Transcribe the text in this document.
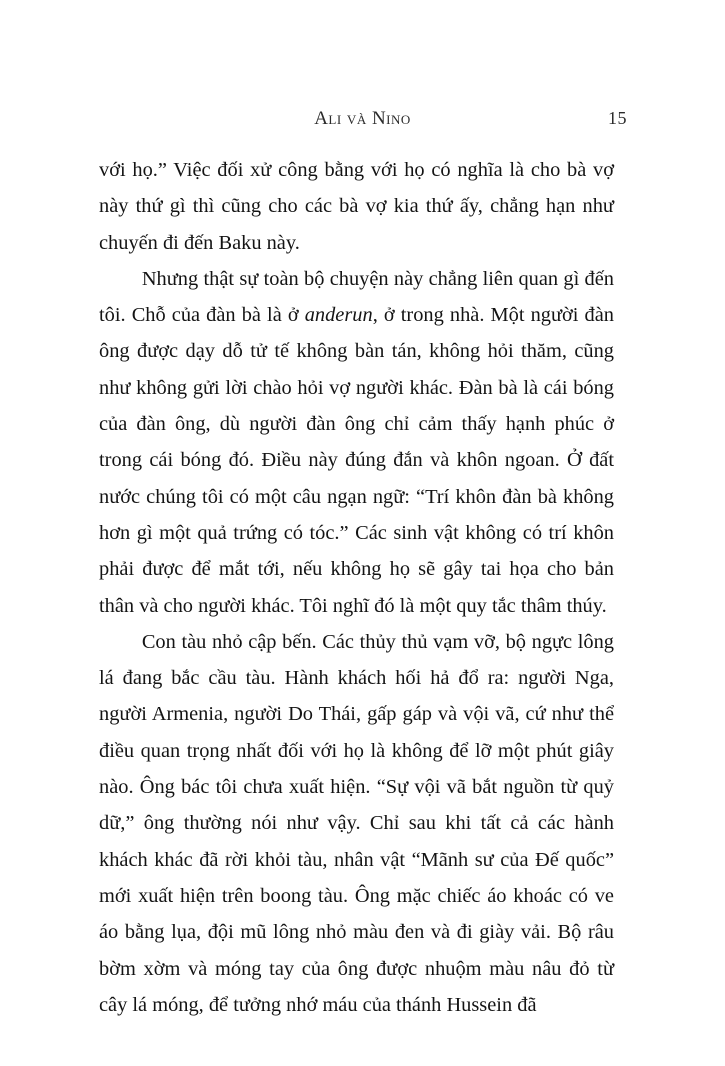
Ali và Nino	15

với họ.” Việc đối xử công bằng với họ có nghĩa là cho bà vợ này thứ gì thì cũng cho các bà vợ kia thứ ấy, chẳng hạn như chuyến đi đến Baku này.

Nhưng thật sự toàn bộ chuyện này chẳng liên quan gì đến tôi. Chỗ của đàn bà là ở anderun, ở trong nhà. Một người đàn ông được dạy dỗ tử tế không bàn tán, không hỏi thăm, cũng như không gửi lời chào hỏi vợ người khác. Đàn bà là cái bóng của đàn ông, dù người đàn ông chỉ cảm thấy hạnh phúc ở trong cái bóng đó. Điều này đúng đắn và khôn ngoan. Ở đất nước chúng tôi có một câu ngạn ngữ: “Trí khôn đàn bà không hơn gì một quả trứng có tóc.” Các sinh vật không có trí khôn phải được để mắt tới, nếu không họ sẽ gây tai họa cho bản thân và cho người khác. Tôi nghĩ đó là một quy tắc thâm thúy.

Con tàu nhỏ cập bến. Các thủy thủ vạm vỡ, bộ ngực lông lá đang bắc cầu tàu. Hành khách hối hả đổ ra: người Nga, người Armenia, người Do Thái, gấp gáp và vội vã, cứ như thể điều quan trọng nhất đối với họ là không để lỡ một phút giây nào. Ông bác tôi chưa xuất hiện. “Sự vội vã bắt nguồn từ quỷ dữ,” ông thường nói như vậy. Chỉ sau khi tất cả các hành khách khác đã rời khỏi tàu, nhân vật “Mãnh sư của Đế quốc” mới xuất hiện trên boong tàu. Ông mặc chiếc áo khoác có ve áo bằng lụa, đội mũ lông nhỏ màu đen và đi giày vải. Bộ râu bờm xờm và móng tay của ông được nhuộm màu nâu đỏ từ cây lá móng, để tưởng nhớ máu của thánh Hussein đã
